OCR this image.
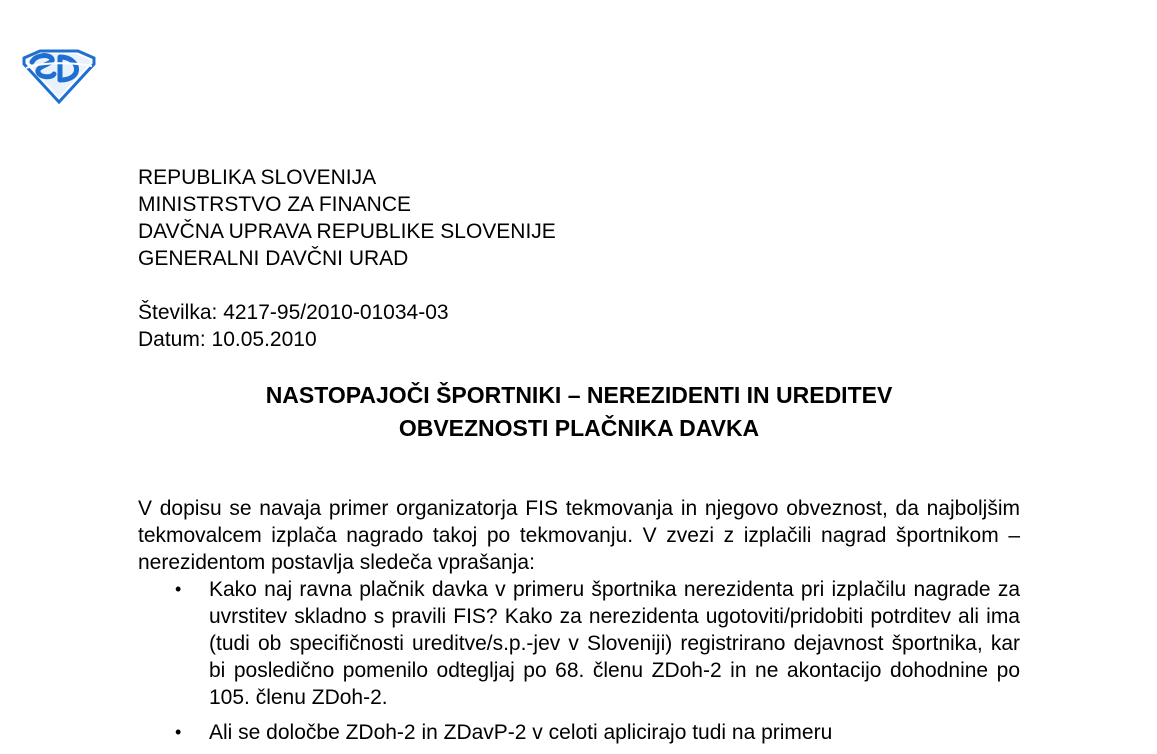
REPUBLIKA SLOVENIJA

MINISTRSTVO ZA FINANCE

DAVČNA UPRAVA REPUBLIKE SLOVENIJE

GENERALNI DAVČNI URAD

Številka: 4217-95/2010-01034-03

Datum: 10.05.2010

NASTOPAJOČI ŠPORTNIKI – NEREZIDENTI IN UREDITEV

OBVEZNOSTI PLAČNIKA DAVKA

V dopisu se navaja primer organizatorja FIS tekmovanja in njegovo obveznost, da najboljšim tekmovalcem izplača nagrado takoj po tekmovanju. V zvezi z izplačili nagrad športnikom – nerezidentom postavlja sledeča vprašanja:

• Kako naj ravna plačnik davka v primeru športnika nerezidenta pri izplačilu nagrade za uvrstitev skladno s pravili FIS? Kako za nerezidenta ugotoviti/pridobiti potrditev ali ima (tudi ob specifičnosti ureditve/s.p.-jev v Sloveniji) registrirano dejavnost športnika, kar bi posledično pomenilo odtegljaj po 68. členu ZDoh-2 in ne akontacijo dohodnine po 105. členu ZDoh-2.
• Ali se določbe ZDoh-2 in ZDavP-2 v celoti aplicirajo tudi na primeru
